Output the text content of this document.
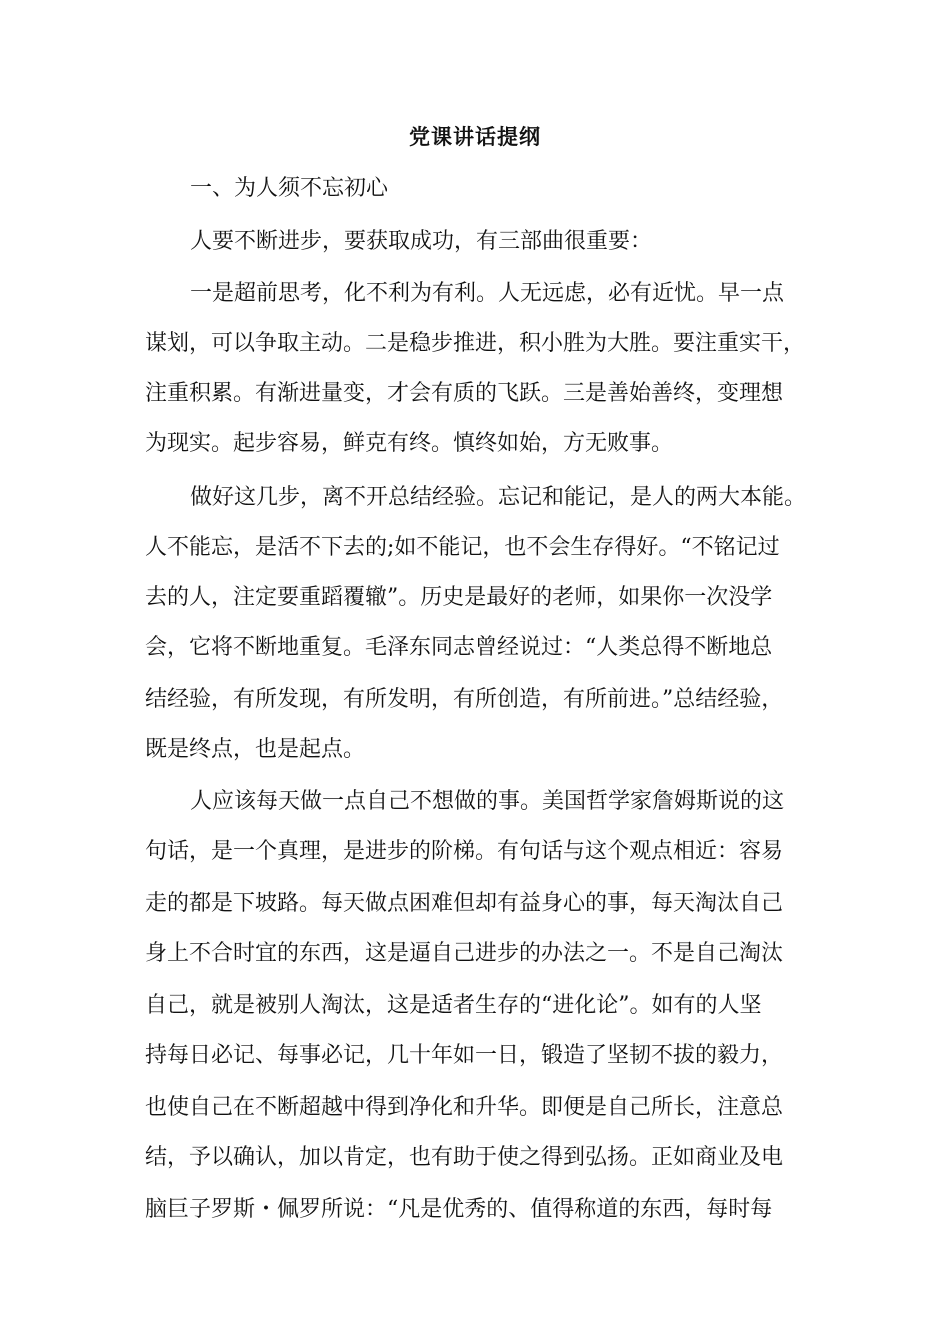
党课讲话提纲
一、为人须不忘初心
人要不断进步，要获取成功，有三部曲很重要：
一是超前思考，化不利为有利。人无远虑，必有近忧。早一点
谋划，可以争取主动。二是稳步推进，积小胜为大胜。要注重实干，
注重积累。有渐进量变，才会有质的飞跃。三是善始善终，变理想
为现实。起步容易，鲜克有终。慎终如始，方无败事。
做好这几步，离不开总结经验。忘记和能记，是人的两大本能。
人不能忘，是活不下去的;如不能记，也不会生存得好。“不铭记过
去的人，注定要重蹈覆辙”。历史是最好的老师，如果你一次没学
会，它将不断地重复。毛泽东同志曾经说过：“人类总得不断地总
结经验，有所发现，有所发明，有所创造，有所前进。”总结经验，
既是终点，也是起点。
人应该每天做一点自己不想做的事。美国哲学家詹姆斯说的这
句话，是一个真理，是进步的阶梯。有句话与这个观点相近：容易
走的都是下坡路。每天做点困难但却有益身心的事，每天淘汰自己
身上不合时宜的东西，这是逼自己进步的办法之一。不是自己淘汰
自己，就是被别人淘汰，这是适者生存的“进化论”。如有的人坚
持每日必记、每事必记，几十年如一日，锻造了坚韧不拔的毅力，
也使自己在不断超越中得到净化和升华。即便是自己所长，注意总
结，予以确认，加以肯定，也有助于使之得到弘扬。正如商业及电
脑巨子罗斯・佩罗所说：“凡是优秀的、值得称道的东西，每时每
